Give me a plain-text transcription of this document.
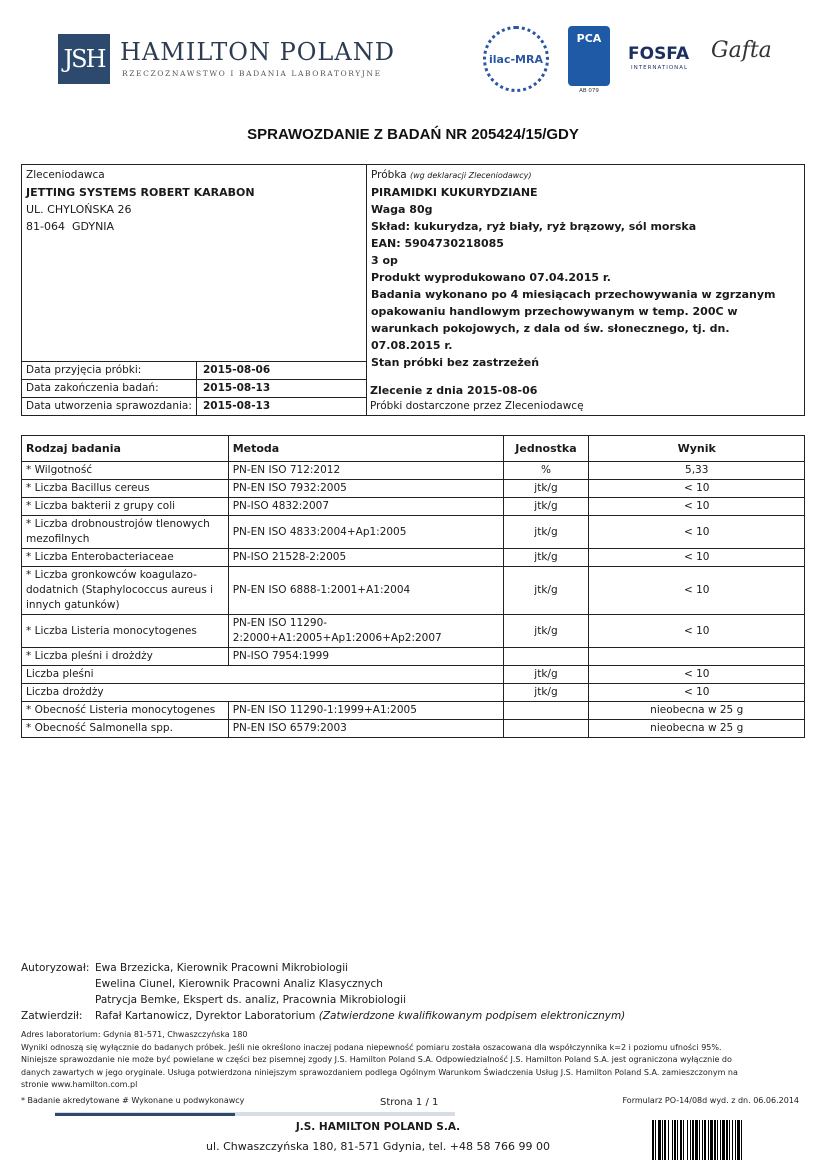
JSH HAMILTON POLAND
RZECZOZNAWSTWO I BADANIA LABORATORYJNE
ilac-MRA
PCA
AB 079
FOSFA
INTERNATIONAL
Gafta
SPRAWOZDANIE Z BADAŃ NR 205424/15/GDY
Zleceniodawca
JETTING SYSTEMS ROBERT KARABON
UL. CHYLOŃSKA 26
81-064  GDYNIA
Data przyjęcia próbki:	2015-08-06
Data zakończenia badań:	2015-08-13
Data utworzenia sprawozdania:	2015-08-13
Próbka (wg deklaracji Zleceniodawcy)
PIRAMIDKI KUKURYDZIANE
Waga 80g
Skład: kukurydza, ryż biały, ryż brązowy, sól morska
EAN: 5904730218085
3 op
Produkt wyprodukowano 07.04.2015 r.
Badania wykonano po 4 miesiącach przechowywania w zgrzanym
opakowaniu handlowym przechowywanym w temp. 200C w
warunkach pokojowych, z dala od św. słonecznego, tj. dn.
07.08.2015 r.
Stan próbki bez zastrzeżeń
Zlecenie z dnia 2015-08-06
Próbki dostarczone przez Zleceniodawcę
Rodzaj badania	Metoda	Jednostka	Wynik
* Wilgotność	PN-EN ISO 712:2012	%	5,33
* Liczba Bacillus cereus	PN-EN ISO 7932:2005	jtk/g	< 10
* Liczba bakterii z grupy coli	PN-ISO 4832:2007	jtk/g	< 10
* Liczba drobnoustrojów tlenowych mezofilnych	PN-EN ISO 4833:2004+Ap1:2005	jtk/g	< 10
* Liczba Enterobacteriaceae	PN-ISO 21528-2:2005	jtk/g	< 10
* Liczba gronkowców koagulazo-dodatnich (Staphylococcus aureus i innych gatunków)	PN-EN ISO 6888-1:2001+A1:2004	jtk/g	< 10
* Liczba Listeria monocytogenes	PN-EN ISO 11290-2:2000+A1:2005+Ap1:2006+Ap2:2007	jtk/g	< 10
* Liczba pleśni i drożdży	PN-ISO 7954:1999		
Liczba pleśni		jtk/g	< 10
Liczba drożdży		jtk/g	< 10
* Obecność Listeria monocytogenes	PN-EN ISO 11290-1:1999+A1:2005		nieobecna w 25 g
* Obecność Salmonella spp.	PN-EN ISO 6579:2003		nieobecna w 25 g
Autoryzował: Ewa Brzezicka, Kierownik Pracowni Mikrobiologii
Ewelina Ciunel, Kierownik Pracowni Analiz Klasycznych
Patrycja Bemke, Ekspert ds. analiz, Pracownia Mikrobiologii
Zatwierdził:	Rafał Kartanowicz, Dyrektor Laboratorium (Zatwierdzone kwalifikowanym podpisem elektronicznym)
Adres laboratorium: Gdynia 81-571, Chwaszczyńska 180
Wyniki odnoszą się wyłącznie do badanych próbek. Jeśli nie określono inaczej podana niepewność pomiaru została oszacowana dla współczynnika k=2 i poziomu ufności 95%.
Niniejsze sprawozdanie nie może być powielane w części bez pisemnej zgody J.S. Hamilton Poland S.A. Odpowiedzialność J.S. Hamilton Poland S.A. jest ograniczona wyłącznie do
danych zawartych w jego oryginale. Usługa potwierdzona niniejszym sprawozdaniem podlega Ogólnym Warunkom Świadczenia Usług J.S. Hamilton Poland S.A. zamieszczonym na
stronie www.hamilton.com.pl
* Badanie akredytowane # Wykonane u podwykonawcy	Strona 1 / 1	Formularz PO-14/08d wyd. z dn. 06.06.2014
J.S. HAMILTON POLAND S.A.
ul. Chwaszczyńska 180, 81-571 Gdynia, tel. +48 58 766 99 00
